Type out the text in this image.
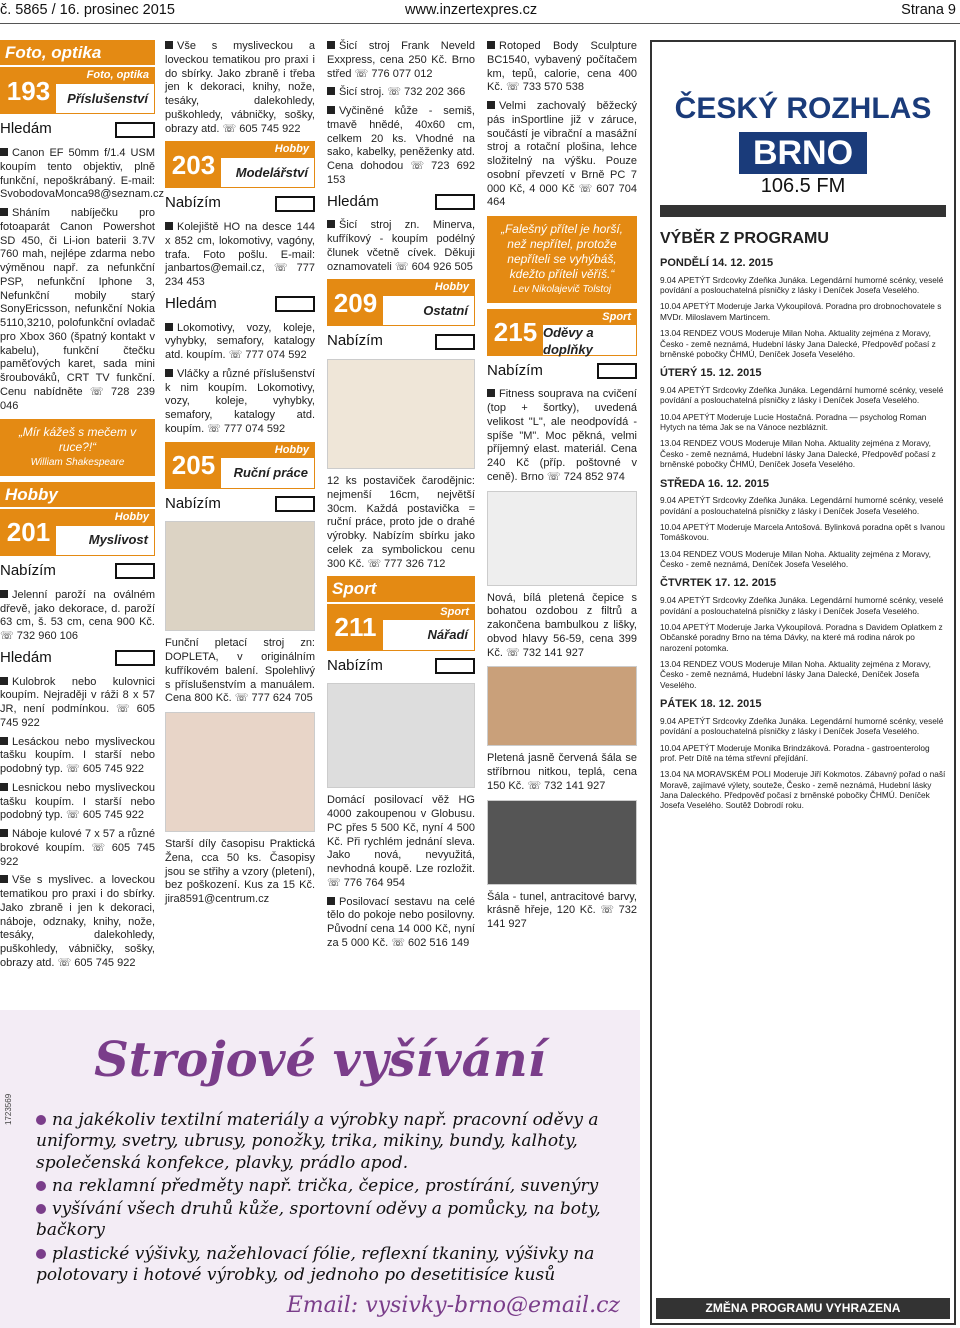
č. 5865 / 16. prosinec 2015	www.inzertexpres.cz	Strana 9
Foto, optika
193
Foto, optika
Příslušenství
Hledám
Canon EF 50mm f/1.4 USM koupím tento objektiv, plně funkční, nepoškrábaný. E-mail: SvobodovaMonca98@seznam.cz
Sháním nabíječku pro fotoaparát Canon Powershot SD 450, či Li-ion baterii 3.7V 760 mah, nejlépe zdarma nebo výměnou např. za nefunkční PSP, nefunkční Iphone 3, Nefunkční mobily starý SonyEricsson, nefunkční Nokia 5110,3210, polofunkční ovladač pro Xbox 360 (špatný kontakt v kabelu), funkční čtečku paměťových karet, sada mini šroubováků, CRT TV funkční. Cenu nabídněte ☏ 728 239 046
„Mír kážeš s mečem v ruce?!“
William Shakespeare
Hobby
201
Hobby
Myslivost
Nabízím
Jelenní paroží na oválném dřevě, jako dekorace, d. paroží 63 cm, š. 53 cm, cena 900 Kč. ☏ 732 960 106
Hledám
Kulobrok nebo kulovnici koupím. Nejraději v ráži 8 x 57 JR, není podmínkou. ☏ 605 745 922
Lesáckou nebo mysliveckou tašku koupím. I starší nebo podobný typ. ☏ 605 745 922
Lesnickou nebo mysliveckou tašku koupím. I starší nebo podobný typ. ☏ 605 745 922
Náboje kulové 7 x 57 a různé brokové koupím. ☏ 605 745 922
Vše s myslivec. a loveckou tematikou pro praxi i do sbírky. Jako zbraně i jen k dekoraci, náboje, odznaky, knihy, nože, tesáky, dalekohledy, puškohledy, vábničky, sošky, obrazy atd. ☏ 605 745 922
Vše s mysliveckou a loveckou tematikou pro praxi i do sbírky. Jako zbraně i třeba jen k dekoraci, knihy, nože, tesáky, dalekohledy, puškohledy, vábničky, sošky, obrazy atd. ☏ 605 745 922
203
Hobby
Modelářství
Nabízím
Kolejiště HO na desce 144 x 852 cm, lokomotivy, vagóny, trafa. Foto pošlu. E-mail: janbartos@email.cz, ☏ 777 234 453
Hledám
Lokomotivy, vozy, koleje, vyhybky, semafory, katalogy atd. koupím. ☏ 777 074 592
Vláčky a různé příslušenství k nim koupím. Lokomotivy, vozy, koleje, vyhybky, semafory, katalogy atd. koupím. ☏ 777 074 592
205
Hobby
Ruční práce
Nabízím
Funční pletací stroj zn: DOPLETA, v originálním kufříkovém balení. Spolehlivý s příslušenstvím a manuálem. Cena 800 Kč. ☏ 777 624 705
Starší díly časopisu Praktická Žena, cca 50 ks. Časopisy jsou se střihy a vzory (pletení), bez poškození. Kus za 15 Kč. jira8591@centrum.cz
Šicí stroj Frank Neveld Exxpress, cena 250 Kč. Brno střed ☏ 776 077 012
Šicí stroj. ☏ 732 202 366
Vyčiněné kůže - semiš, tmavě hnědé, 40x60 cm, celkem 20 ks. Vhodné na sako, kabelky, peněženky atd. Cena dohodou ☏ 723 692 153
Hledám
Šicí stroj zn. Minerva, kufříkový - koupím podélný člunek včetně cívek. Děkuji oznamovateli ☏ 604 926 505
209
Hobby
Ostatní
Nabízím
12 ks postaviček čarodějnic: nejmenší 16cm, největší 30cm. Každá postavička = ruční práce, proto jde o drahé výrobky. Nabízím sbírku jako celek za symbolickou cenu 300 Kč. ☏ 777 326 712
Sport
211
Sport
Nářadí
Nabízím
Domácí posilovací věž HG 4000 zakoupenou v Globusu. PC přes 5 500 Kč, nyní 4 500 Kč. Při rychlém jednání sleva. Jako nová, nevyužitá, nevhodná koupě. Lze rozložit. ☏ 776 764 954
Posilovací sestavu na celé tělo do pokoje nebo posilovny. Původní cena 14 000 Kč, nyní za 5 000 Kč. ☏ 602 516 149
Rotoped Body Sculpture BC1540, vybavený počítačem km, tepů, calorie, cena 400 Kč. ☏ 733 570 538
Velmi zachovalý běžecký pás inSportline již v záruce, součástí je vibrační a masážní stroj a rotační plošina, lehce složitelný na výšku. Pouze osobní převzetí v Brně PC 7 000 Kč, 4 000 Kč ☏ 607 704 464
„Falešný přítel je horší, než nepřítel, protože nepříteli se vyhýbáš, kdežto příteli věříš.“
Lev Nikolajevič Tolstoj
215
Sport
Oděvy a doplňky
Nabízím
Fitness souprava na cvičení (top + šortky), uvedená velikost "L", ale neodpovídá - spíše "M". Moc pěkná, velmi příjemný elast. materiál. Cena 240 Kč (příp. poštovné v ceně). Brno ☏ 724 852 974
Nová, bílá pletená čepice s bohatou ozdobou z filtrů a zakončena bambulkou z lišky, obvod hlavy 56-59, cena 399 Kč. ☏ 732 141 927
Pletená jasně červená šála se stříbrnou nitkou, teplá, cena 150 Kč. ☏ 732 141 927
Šála - tunel, antracitové barvy, krásně hřeje, 120 Kč. ☏ 732 141 927
ČESKÝ ROZHLAS
BRNO
106.5 FM
VÝBĚR Z PROGRAMU
PONDĚLÍ 14. 12. 2015
9.04 APETÝT Srdcovky Zdeňka Junáka. Legendární humorné scénky, veselé povídání a poslouchatelná písničky z lásky i Deníček Josefa Veselého.
10.04 APETÝT Moderuje Jarka Vykoupilová. Poradna pro drobnochovatele s MVDr. Miloslavem Martincem.
13.04 RENDEZ VOUS Moderuje Milan Noha. Aktuality zejména z Moravy, Česko - země neznámá, Hudební lásky Jana Dalecké, Předpověď počasí z brněnské pobočky ČHMÚ, Deníček Josefa Veselého.
ÚTERÝ 15. 12. 2015
9.04 APETÝT Srdcovky Zdeňka Junáka. Legendární humorné scénky, veselé povídání a poslouchatelná písničky z lásky i Deníček Josefa Veselého.
10.04 APETÝT Moderuje Lucie Hostačná. Poradna — psycholog Roman Hytych na téma Jak se na Vánoce nezbláznit.
13.04 RENDEZ VOUS Moderuje Milan Noha. Aktuality zejména z Moravy, Česko - země neznámá, Hudební lásky Jana Dalecké, Předpověď počasí z brněnské pobočky ČHMÚ, Deníček Josefa Veselého.
STŘEDA 16. 12. 2015
9.04 APETÝT Srdcovky Zdeňka Junáka. Legendární humorné scénky, veselé povídání a poslouchatelná písničky z lásky i Deníček Josefa Veselého.
10.04 APETÝT Moderuje Marcela Antošová. Bylinková poradna opět s Ivanou Tomáškovou.
13.04 RENDEZ VOUS Moderuje Milan Noha. Aktuality zejména z Moravy, Česko - země neznámá, Deníček Josefa Veselého.
ČTVRTEK 17. 12. 2015
9.04 APETÝT Srdcovky Zdeňka Junáka. Legendární humorné scénky, veselé povídání a poslouchatelná písničky z lásky i Deníček Josefa Veselého.
10.04 APETÝT Moderuje Jarka Vykoupilová. Poradna s Davidem Oplatkem z Občanské poradny Brno na téma Dávky, na které má rodina nárok po narození potomka.
13.04 RENDEZ VOUS Moderuje Milan Noha. Aktuality zejména z Moravy, Česko - země neznámá, Hudební lásky Jana Dalecké, Deníček Josefa Veselého.
PÁTEK 18. 12. 2015
9.04 APETÝT Srdcovky Zdeňka Junáka. Legendární humorné scénky, veselé povídání a poslouchatelná písničky z lásky i Deníček Josefa Veselého.
10.04 APETÝT Moderuje Monika Brindzáková. Poradna - gastroenterolog prof. Petr Dítě na téma střevní přejídání.
13.04 NA MORAVSKÉM POLI Moderuje Jiří Kokmotos. Zábavný pořad o naší Moravě, zajímavé výlety, souteže, Česko - země neznámá, Hudební lásky Jana Daleckého. Předpověď počasí z brněnské pobočky ČHMÚ. Deníček Josefa Veselého. Soutěž Dobrodí roku.
ZMĚNA PROGRAMU VYHRAZENA
Strojové vyšívání
na jakékoliv textilní materiály a výrobky např. pracovní oděvy a uniformy, svetry, ubrusy, ponožky, trika, mikiny, bundy, kalhoty, společenská konfekce, plavky, prádlo apod.
na reklamní předměty např. trička, čepice, prostírání, suvenýry
vyšívání všech druhů kůže, sportovní oděvy a pomůcky, na boty, bačkory
plastické výšivky, nažehlovací fólie, reflexní tkaniny, výšivky na polotovary i hotové výrobky, od jednoho po desetitisíce kusů
Email: vysivky-brno@email.cz
1723569
